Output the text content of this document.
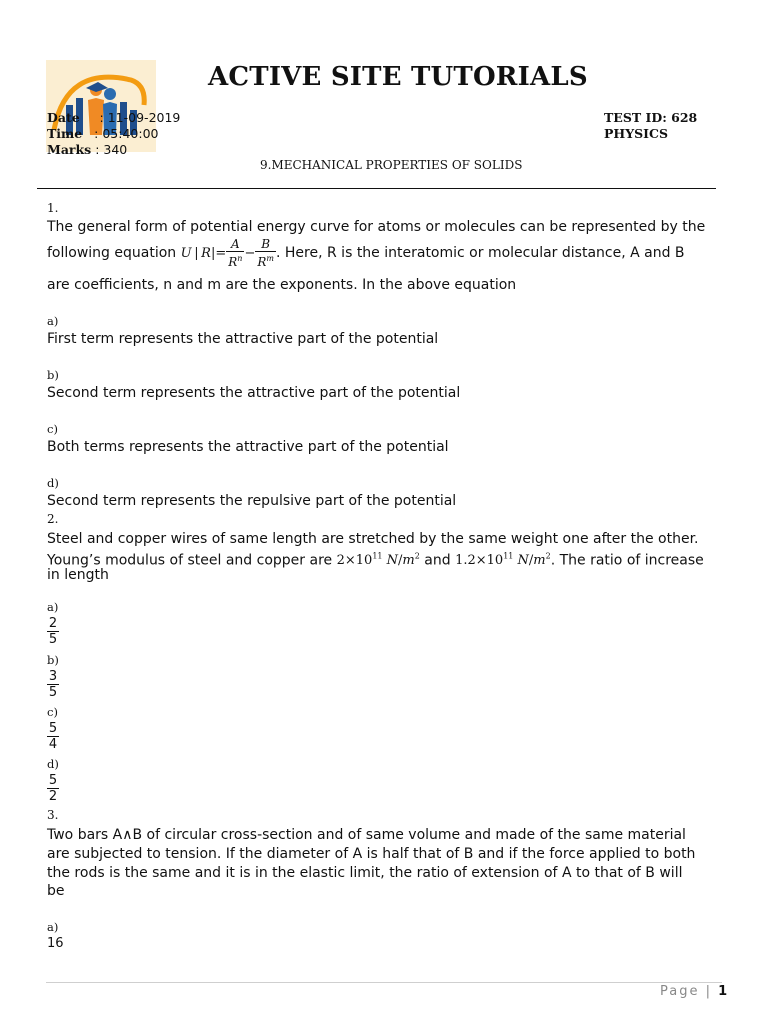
ACTIVE SITE TUTORIALS
Date : 11-09-2019
Time : 05:40:00
Marks : 340
TEST ID: 628
PHYSICS
9.MECHANICAL PROPERTIES OF SOLIDS
1.
The general form of potential energy curve for atoms or molecules can be represented by the
following equation U | $R|= \frac{A}{R^n} - \frac{B}{R^m}$ . Here, R is the interatomic or molecular distance, A and B
are coefficients, n and m are the exponents. In the above equation
a)
First term represents the attractive part of the potential
b)
Second term represents the attractive part of the potential
c)
Both terms represents the attractive part of the potential
d)
Second term represents the repulsive part of the potential
2.
Steel and copper wires of same length are stretched by the same weight one after the other.
Young’s modulus of steel and copper are $2\times 10^{11}$ $N/m^2$ and $1.2\times 10^{11}$ $N/m^2$. The ratio of increase
in length
a)
2
5
b)
3
5
c)
5
4
d)
5
2
3.
Two bars A∧B of circular cross-section and of same volume and made of the same material
are subjected to tension. If the diameter of A is half that of B and if the force applied to both
the rods is the same and it is in the elastic limit, the ratio of extension of A to that of B will
be
a)
16
Page | 1
